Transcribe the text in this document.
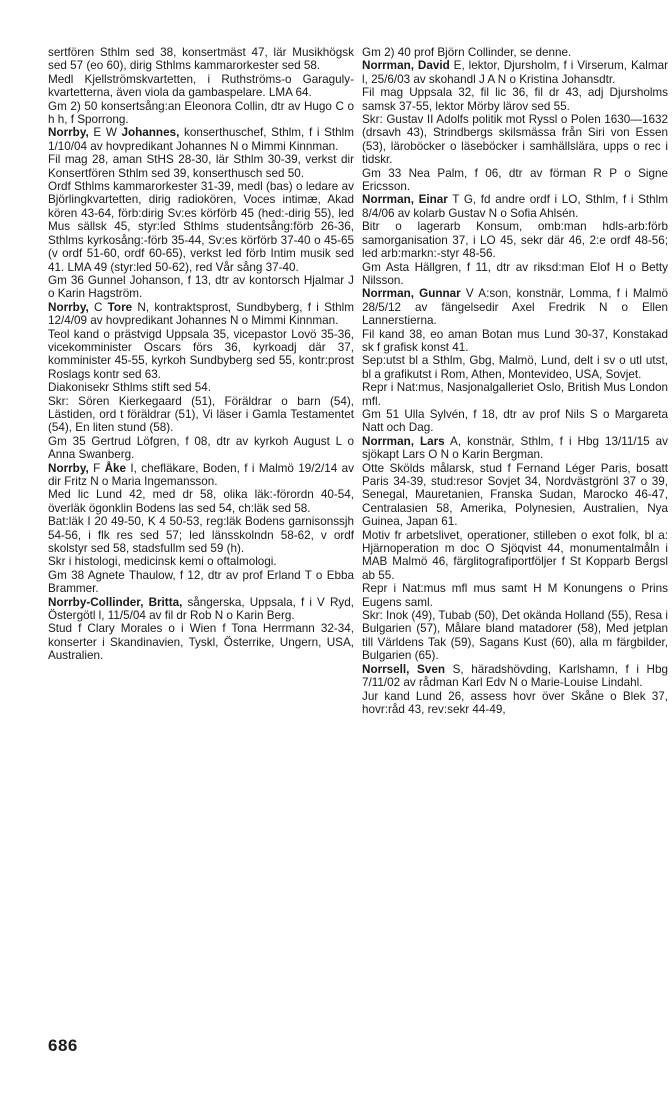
sertfören Sthlm sed 38, konsertmäst 47, lär Musikhögsk sed 57 (eo 60), dirig Sthlms kammarorkester sed 58.

Medl Kjellströmskvartetten, i Ruthströms-o Garaguly-kvartetterna, även viola da gambaspelare. LMA 64.

Gm 2) 50 konsertsång:an Eleonora Collin, dtr av Hugo C o h h, f Sporrong.

Norrby, E W Johannes, konserthuschef, Sthlm, f i Sthlm 1/10/04 av hovpredikant Johannes N o Mimmi Kinnman.

Fil mag 28, aman StHS 28-30, lär Sthlm 30-39, verkst dir Konsertfören Sthlm sed 39, konserthusch sed 50.

Ordf Sthlms kammarorkester 31-39, medl (bas) o ledare av Björlingkvartetten, dirig radiokören, Voces intimæ, Akad kören 43-64, förb:dirig Sv:es körförb 45 (hed:-dirig 55), led Mus sällsk 45, styr:led Sthlms studentsång:förb 26-36, Sthlms kyrkosång:-förb 35-44, Sv:es körförb 37-40 o 45-65 (v ordf 51-60, ordf 60-65), verkst led förb Intim musik sed 41. LMA 49 (styr:led 50-62), red Vår sång 37-40.

Gm 36 Gunnel Johanson, f 13, dtr av kontorsch Hjalmar J o Karin Hagström.

Norrby, C Tore N, kontraktsprost, Sundbyberg, f i Sthlm 12/4/09 av hovpredikant Johannes N o Mimmi Kinnman.

Teol kand o prästvigd Uppsala 35, vicepastor Lovö 35-36, vicekomminister Oscars förs 36, kyrkoadj där 37, komminister 45-55, kyrkoh Sundbyberg sed 55, kontr:prost Roslags kontr sed 63.

Diakonisekr Sthlms stift sed 54.

Skr: Sören Kierkegaard (51), Föräldrar o barn (54), Lästiden, ord t föräldrar (51), Vi läser i Gamla Testamentet (54), En liten stund (58).

Gm 35 Gertrud Löfgren, f 08, dtr av kyrkoh August L o Anna Swanberg.

Norrby, F Åke I, chefläkare, Boden, f i Malmö 19/2/14 av dir Fritz N o Maria Ingemansson.

Med lic Lund 42, med dr 58, olika läk:-förordn 40-54, överläk ögonklin Bodens las sed 54, ch:läk sed 58.

Bat:läk I 20 49-50, K 4 50-53, reg:läk Bodens garnisonssjh 54-56, i flk res sed 57; led länsskolndn 58-62, v ordf skolstyr sed 58, stadsfullm sed 59 (h).

Skr i histologi, medicinsk kemi o oftalmologi.

Gm 38 Agnete Thaulow, f 12, dtr av prof Erland T o Ebba Brammer.

Norrby-Collinder, Britta, sångerska, Uppsala, f i V Ryd, Östergötl l, 11/5/04 av fil dr Rob N o Karin Berg.

Stud f Clary Morales o i Wien f Tona Herrmann 32-34, konserter i Skandinavien, Tyskl, Österrike, Ungern, USA, Australien.

Gm 2) 40 prof Björn Collinder, se denne.

Norrman, David E, lektor, Djursholm, f i Virserum, Kalmar l, 25/6/03 av skohandl J A N o Kristina Johansdtr.

Fil mag Uppsala 32, fil lic 36, fil dr 43, adj Djursholms samsk 37-55, lektor Mörby lärov sed 55.

Skr: Gustav II Adolfs politik mot Ryssl o Polen 1630—1632 (drsavh 43), Strindbergs skilsmässa från Siri von Essen (53), läroböcker o läseböcker i samhällslära, upps o rec i tidskr.

Gm 33 Nea Palm, f 06, dtr av förman R P o Signe Ericsson.

Norrman, Einar T G, fd andre ordf i LO, Sthlm, f i Sthlm 8/4/06 av kolarb Gustav N o Sofia Ahlsén.

Bitr o lagerarb Konsum, omb:man hdls-arb:förb samorganisation 37, i LO 45, sekr där 46, 2:e ordf 48-56; led arb:markn:-styr 48-56.

Gm Asta Hällgren, f 11, dtr av riksd:man Elof H o Betty Nilsson.

Norrman, Gunnar V A:son, konstnär, Lomma, f i Malmö 28/5/12 av fängelsedir Axel Fredrik N o Ellen Lannerstierna.

Fil kand 38, eo aman Botan mus Lund 30-37, Konstakad sk f grafisk konst 41.

Sep:utst bl a Sthlm, Gbg, Malmö, Lund, delt i sv o utl utst, bl a grafikutst i Rom, Athen, Montevideo, USA, Sovjet.

Repr i Nat:mus, Nasjonalgalleriet Oslo, British Mus London mfl.

Gm 51 Ulla Sylvén, f 18, dtr av prof Nils S o Margareta Natt och Dag.

Norrman, Lars A, konstnär, Sthlm, f i Hbg 13/11/15 av sjökapt Lars O N o Karin Bergman.

Otte Skölds målarsk, stud f Fernand Léger Paris, bosatt Paris 34-39, stud:resor Sovjet 34, Nordvästgrönl 37 o 39, Senegal, Mauretanien, Franska Sudan, Marocko 46-47, Centralasien 58, Amerika, Polynesien, Australien, Nya Guinea, Japan 61.

Motiv fr arbetslivet, operationer, stilleben o exot folk, bl a: Hjärnoperation m doc O Sjöqvist 44, monumentalmåln i MAB Malmö 46, färglitografiportföljer f St Kopparb Bergsl ab 55.

Repr i Nat:mus mfl mus samt H M Konungens o Prins Eugens saml.

Skr: Inok (49), Tubab (50), Det okända Holland (55), Resa i Bulgarien (57), Målare bland matadorer (58), Med jetplan till Världens Tak (59), Sagans Kust (60), alla m färgbilder, Bulgarien (65).

Norrsell, Sven S, häradshövding, Karlshamn, f i Hbg 7/11/02 av rådman Karl Edv N o Marie-Louise Lindahl.

Jur kand Lund 26, assess hovr över Skåne o Blek 37, hovr:råd 43, rev:sekr 44-49,

686
